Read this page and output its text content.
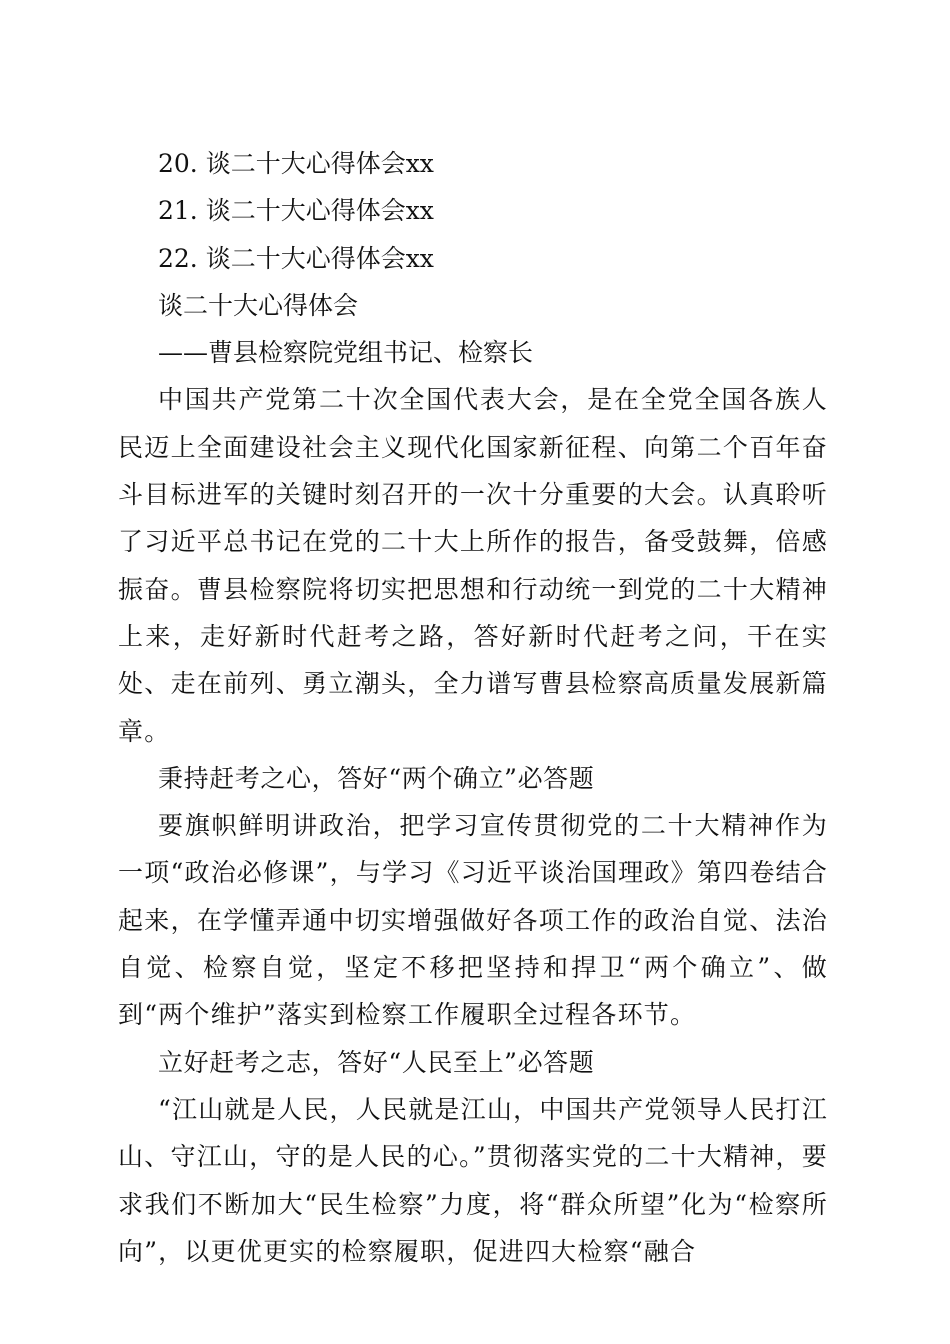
20. 谈二十大心得体会xx

21. 谈二十大心得体会xx

22. 谈二十大心得体会xx

谈二十大心得体会

——曹县检察院党组书记、检察长

中国共产党第二十次全国代表大会，是在全党全国各族人民迈上全面建设社会主义现代化国家新征程、向第二个百年奋斗目标进军的关键时刻召开的一次十分重要的大会。认真聆听了习近平总书记在党的二十大上所作的报告，备受鼓舞，倍感振奋。曹县检察院将切实把思想和行动统一到党的二十大精神上来，走好新时代赶考之路，答好新时代赶考之问，干在实处、走在前列、勇立潮头，全力谱写曹县检察高质量发展新篇章。

秉持赶考之心，答好“两个确立”必答题

要旗帜鲜明讲政治，把学习宣传贯彻党的二十大精神作为一项“政治必修课”，与学习《习近平谈治国理政》第四卷结合起来，在学懂弄通中切实增强做好各项工作的政治自觉、法治自觉、检察自觉，坚定不移把坚持和捍卫“两个确立”、做到“两个维护”落实到检察工作履职全过程各环节。

立好赶考之志，答好“人民至上”必答题

“江山就是人民，人民就是江山，中国共产党领导人民打江山、守江山，守的是人民的心。”贯彻落实党的二十大精神，要求我们不断加大“民生检察”力度，将“群众所望”化为“检察所向”，以更优更实的检察履职，促进四大检察“融合
